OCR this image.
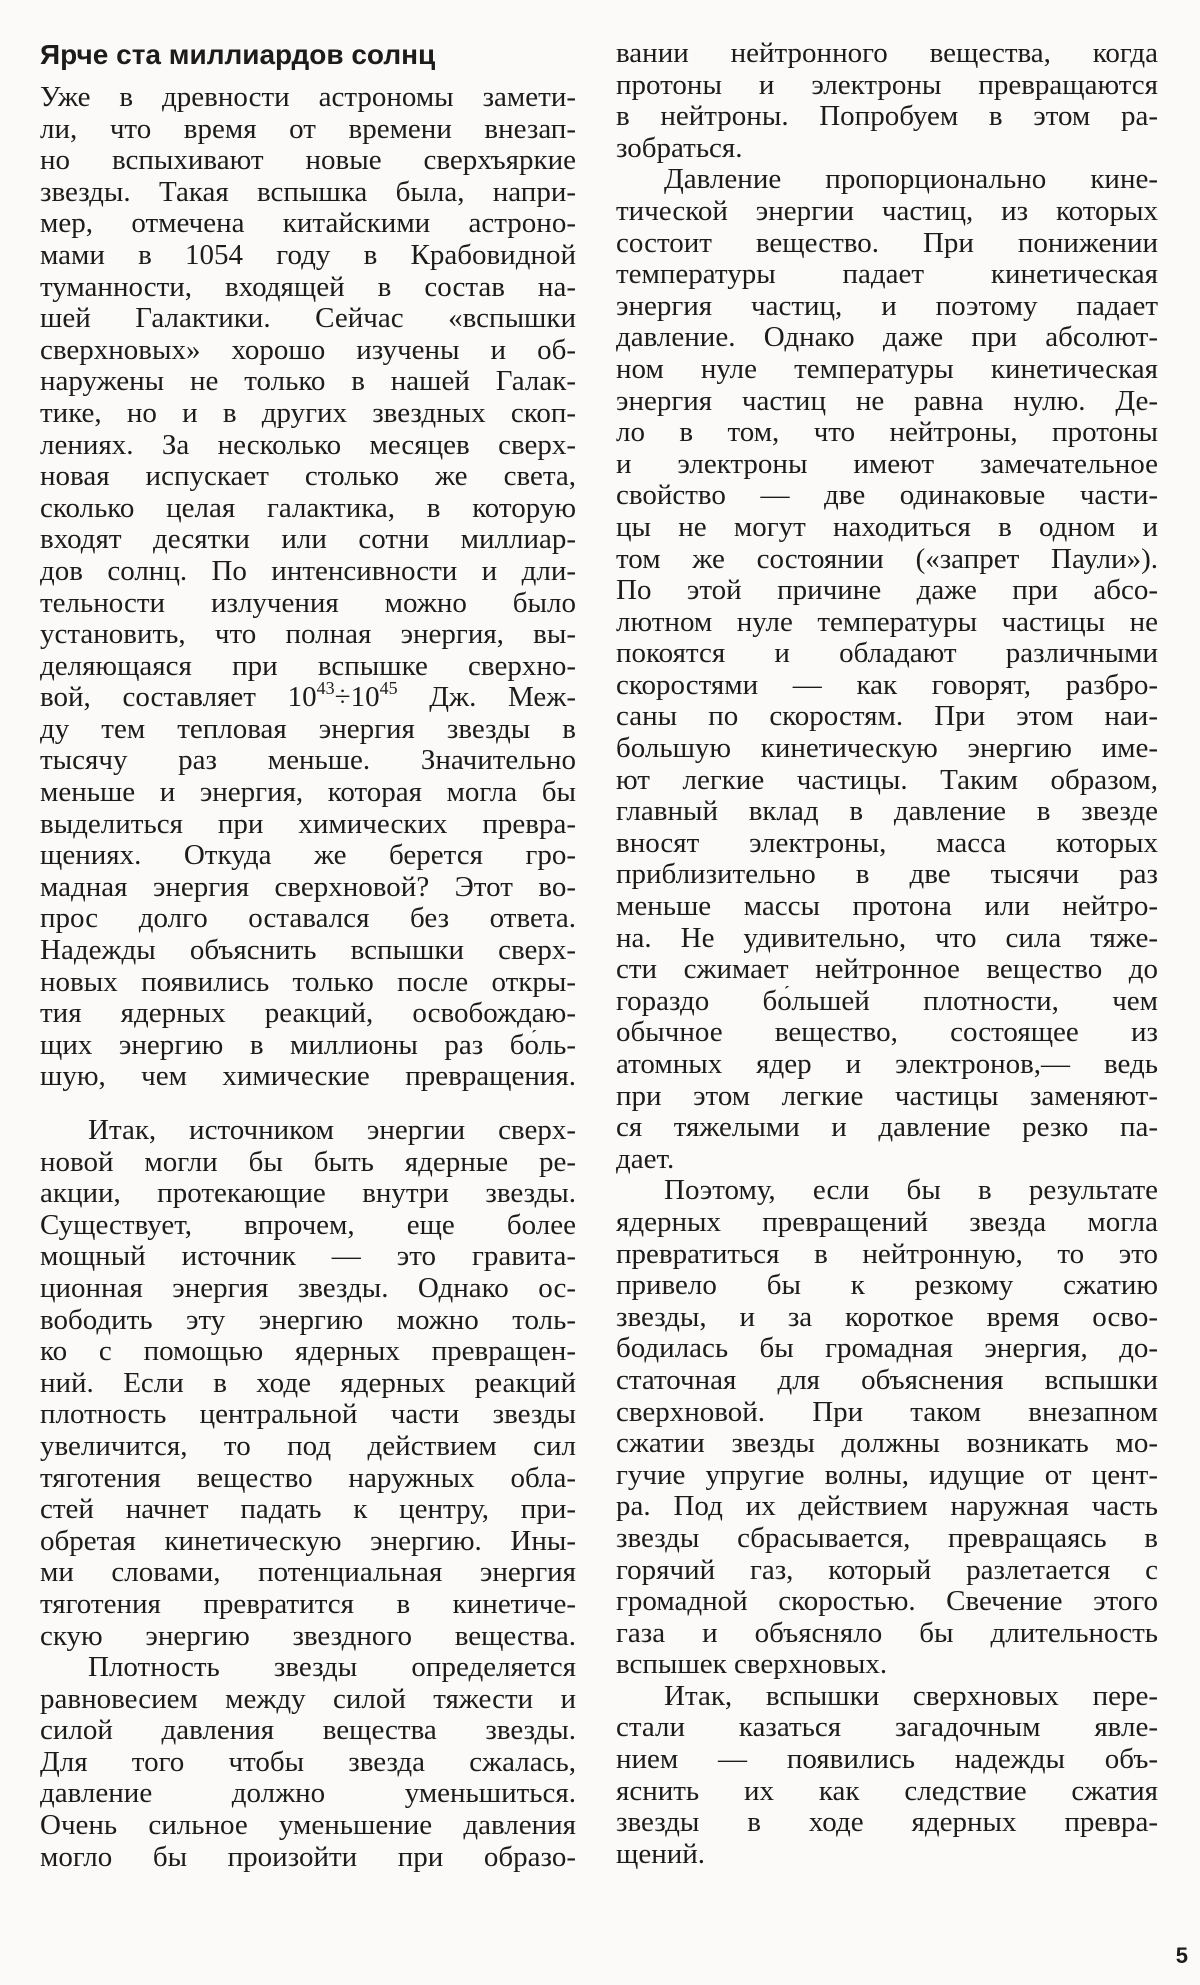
Ярче ста миллиардов солнц
Уже в древности астрономы замети-
ли, что время от времени внезап-
но вспыхивают новые сверхъяркие
звезды. Такая вспышка была, напри-
мер, отмечена китайскими астроно-
мами в 1054 году в Крабовидной
туманности, входящей в состав на-
шей Галактики. Сейчас «вспышки
сверхновых» хорошо изучены и об-
наружены не только в нашей Галак-
тике, но и в других звездных скоп-
лениях. За несколько месяцев сверх-
новая испускает столько же света,
сколько целая галактика, в которую
входят десятки или сотни миллиар-
дов солнц. По интенсивности и дли-
тельности излучения можно было
установить, что полная энергия, вы-
деляющаяся при вспышке сверхно-
вой, составляет $10^{43}\div 10^{45}$ Дж. Меж-
ду тем тепловая энергия звезды в
тысячу раз меньше. Значительно
меньше и энергия, которая могла бы
выделиться при химических превра-
щениях. Откуда же берется гро-
мадная энергия сверхновой? Этот во-
прос долго оставался без ответа.
Надежды объяснить вспышки сверх-
новых появились только после откры-
тия ядерных реакций, освобождаю-
щих энергию в миллионы раз бо́ль-
шую, чем химические превращения.
Итак, источником энергии сверх-
новой могли бы быть ядерные ре-
акции, протекающие внутри звезды.
Существует, впрочем, еще более
мощный источник — это гравита-
ционная энергия звезды. Однако ос-
вободить эту энергию можно толь-
ко с помощью ядерных превращен-
ний. Если в ходе ядерных реакций
плотность центральной части звезды
увеличится, то под действием сил
тяготения вещество наружных обла-
стей начнет падать к центру, при-
обретая кинетическую энергию. Ины-
ми словами, потенциальная энергия
тяготения превратится в кинетиче-
скую энергию звездного вещества.
Плотность звезды определяется
равновесием между силой тяжести и
силой давления вещества звезды.
Для того чтобы звезда сжалась,
давление должно уменьшиться.
Очень сильное уменьшение давления
могло бы произойти при образо-
вании нейтронного вещества, когда
протоны и электроны превращаются
в нейтроны. Попробуем в этом ра-
зобраться.
Давление пропорционально кине-
тической энергии частиц, из которых
состоит вещество. При понижении
температуры падает кинетическая
энергия частиц, и поэтому падает
давление. Однако даже при абсолют-
ном нуле температуры кинетическая
энергия частиц не равна нулю. Де-
ло в том, что нейтроны, протоны
и электроны имеют замечательное
свойство — две одинаковые части-
цы не могут находиться в одном и
том же состоянии («запрет Паули»).
По этой причине даже при абсо-
лютном нуле температуры частицы не
покоятся и обладают различными
скоростями — как говорят, разбро-
саны по скоростям. При этом наи-
большую кинетическую энергию име-
ют легкие частицы. Таким образом,
главный вклад в давление в звезде
вносят электроны, масса которых
приблизительно в две тысячи раз
меньше массы протона или нейтро-
на. Не удивительно, что сила тяже-
сти сжимает нейтронное вещество до
гораздо бо́льшей плотности, чем
обычное вещество, состоящее из
атомных ядер и электронов,— ведь
при этом легкие частицы заменяют-
ся тяжелыми и давление резко па-
дает.
Поэтому, если бы в результате
ядерных превращений звезда могла
превратиться в нейтронную, то это
привело бы к резкому сжатию
звезды, и за короткое время осво-
бодилась бы громадная энергия, до-
статочная для объяснения вспышки
сверхновой. При таком внезапном
сжатии звезды должны возникать мо-
гучие упругие волны, идущие от цент-
ра. Под их действием наружная часть
звезды сбрасывается, превращаясь в
горячий газ, который разлетается с
громадной скоростью. Свечение этого
газа и объясняло бы длительность
вспышек сверхновых.
Итак, вспышки сверхновых пере-
стали казаться загадочным явле-
нием — появились надежды объ-
яснить их как следствие сжатия
звезды в ходе ядерных превра-
щений.
5
